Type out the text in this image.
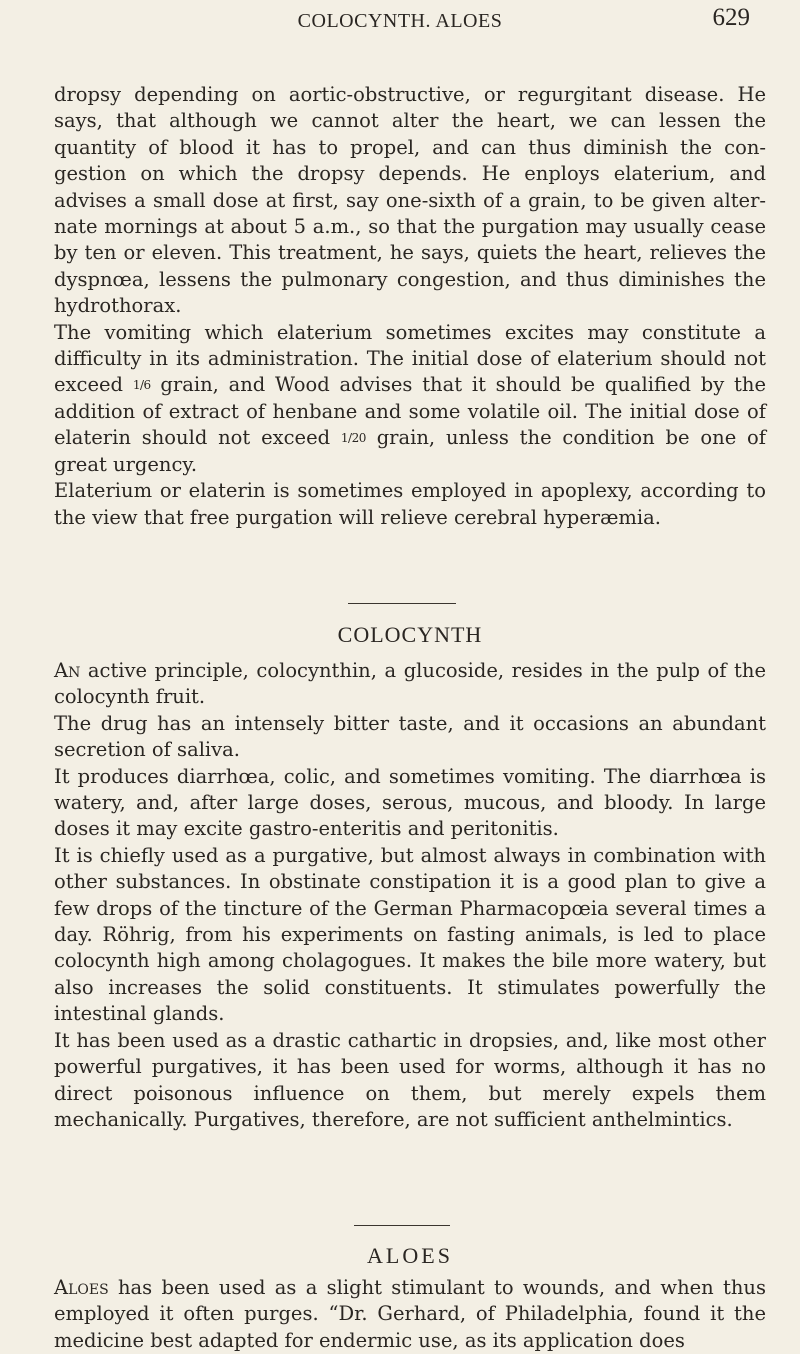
COLOCYNTH. ALOES	629

dropsy depending on aortic-obstructive, or regurgitant disease. He says, that although we cannot alter the heart, we can lessen the quantity of blood it has to propel, and can thus diminish the con- gestion on which the dropsy depends. He enploys elaterium, and advises a small dose at first, say one-sixth of a grain, to be given alter- nate mornings at about 5 a.m., so that the purgation may usually cease by ten or eleven. This treatment, he says, quiets the heart, relieves the dyspnœa, lessens the pulmonary congestion, and thus diminishes the hydrothorax.

The vomiting which elaterium sometimes excites may constitute a difficulty in its administration. The initial dose of elaterium should not exceed 1/6 grain, and Wood advises that it should be qualified by the addition of extract of henbane and some volatile oil. The initial dose of elaterin should not exceed 1/20 grain, unless the condition be one of great urgency.

Elaterium or elaterin is sometimes employed in apoplexy, according to the view that free purgation will relieve cerebral hyperæmia.

COLOCYNTH

An active principle, colocynthin, a glucoside, resides in the pulp of the colocynth fruit.

The drug has an intensely bitter taste, and it occasions an abundant secretion of saliva.

It produces diarrhœa, colic, and sometimes vomiting. The diarrhœa is watery, and, after large doses, serous, mucous, and bloody. In large doses it may excite gastro-enteritis and peritonitis.

It is chiefly used as a purgative, but almost always in combination with other substances. In obstinate constipation it is a good plan to give a few drops of the tincture of the German Pharmacopœia several times a day. Röhrig, from his experiments on fasting animals, is led to place colocynth high among cholagogues. It makes the bile more watery, but also increases the solid constituents. It stimulates powerfully the intestinal glands.

It has been used as a drastic cathartic in dropsies, and, like most other powerful purgatives, it has been used for worms, although it has no direct poisonous influence on them, but merely expels them mechanically. Purgatives, therefore, are not sufficient anthelmintics.

ALOES

Aloes has been used as a slight stimulant to wounds, and when thus employed it often purges. “Dr. Gerhard, of Philadelphia, found it the medicine best adapted for endermic use, as its application does
